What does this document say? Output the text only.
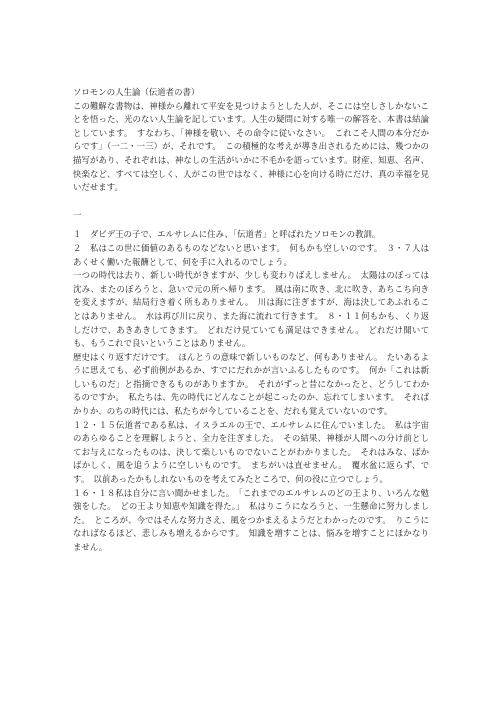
ソロモンの人生論（伝道者の書）

この難解な書物は、神様から離れて平安を見つけようとした人が、そこには空しさしかないことを悟った、光のない人生論を記しています。人生の疑問に対する唯一の解答を、本書は結論としています。　すなわち、「神様を敬い、その命令に従いなさい。　これこそ人間の本分だからです」（一二・一三）が、それです。　この積極的な考えが導き出されるためには、幾つかの描写があり、それぞれは、神なしの生活がいかに不毛かを語っています。財産、知恵、名声、快楽など、すべては空しく、人がこの世ではなく、神様に心を向ける時にだけ、真の幸福を見いだせます。

一

１　ダビデ王の子で、エルサレムに住み、「伝道者」と呼ばれたソロモンの教訓。

２　私はこの世に価値のあるものなどないと思います。　何もかも空しいのです。　３・７人はあくせく働いた報酬として、何を手に入れるのでしょう。

一つの時代は去り、新しい時代がきますが、少しも変わりばえしません。　太陽はのぼっては沈み、またのぼろうと、急いで元の所へ帰ります。　風は南に吹き、北に吹き、あちこち向きを変えますが、結局行き着く所もありません。　川は海に注ぎますが、海は決してあふれることはありません。　水は再び川に戻り、また海に流れて行きます。　８・１１何もかも、くり返しだけで、あきあきしてきます。　どれだけ見ていても満足はできません。　どれだけ聞いても、もうこれで良いということはありません。

歴史はくり返すだけです。　ほんとうの意味で新しいものなど、何もありません。　たいあるように思えても、必ず前例があるか、すでにだれかが言いふるしたものです。　何か「これは新しいものだ」と指摘できるものがありますか。　それがずっと昔になかったと、どうしてわかるのですか。　私たちは、先の時代にどんなことが起こったのか、忘れてしまいます。　そればかりか、のちの時代には、私たちが今していることを、だれも覚えていないのです。

１２・１５伝道者である私は、イスラエルの王で、エルサレムに住んでいました。　私は宇宙のあらゆることを理解しようと、全力を注ぎました。　その結果、神様が人間への分け前としてお与えになったものは、決して楽しいものでないことがわかりました。　それはみな、ばかばかしく、風を追うように空しいものです。　まちがいは直せません。　覆水盆に返らず、です。　以前あったかもしれないものを考えてみたところで、何の役に立つでしょう。

１６・１８私は自分に言い聞かせました。　「これまでのエルサレムのどの王より、いろんな勉強をした。　どの王より知恵や知識を得た。」　私はりこうになろうと、一生懸命に努力しました。　ところが、今ではそんな努力さえ、風をつかまえるようだとわかったのです。　りこうになればなるほど、悲しみも増えるからです。　知識を増すことは、悩みを増すことにほかなりません。
